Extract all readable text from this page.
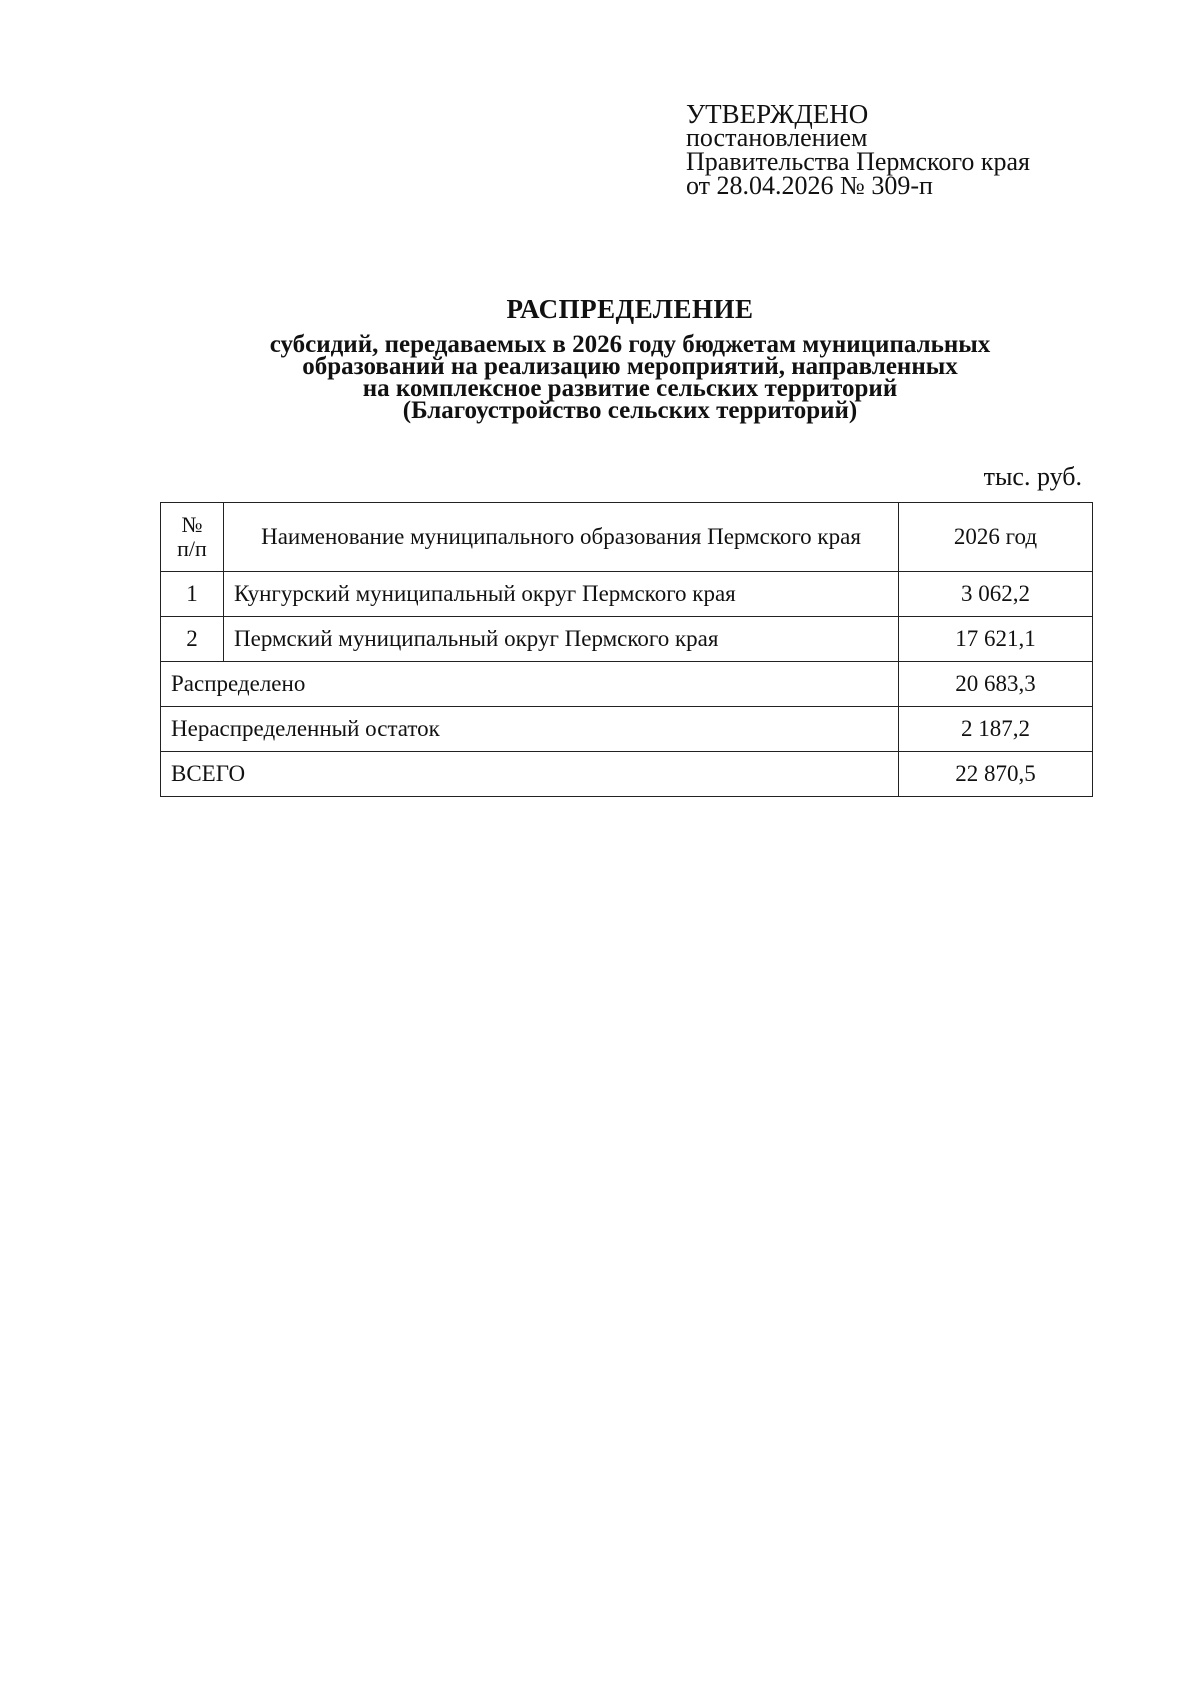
УТВЕРЖДЕНО
постановлением
Правительства Пермского края
от 28.04.2026 № 309-п
РАСПРЕДЕЛЕНИЕ
субсидий, передаваемых в 2026 году бюджетам муниципальных
образований на реализацию мероприятий, направленных
на комплексное развитие сельских территорий
(Благоустройство сельских территорий)
тыс. руб.
№
п/п	Наименование муниципального образования Пермского края	2026 год
1	Кунгурский муниципальный округ Пермского края	3 062,2
2	Пермский муниципальный округ Пермского края	17 621,1
Распределено		20 683,3
Нераспределенный остаток		2 187,2
ВСЕГО		22 870,5
